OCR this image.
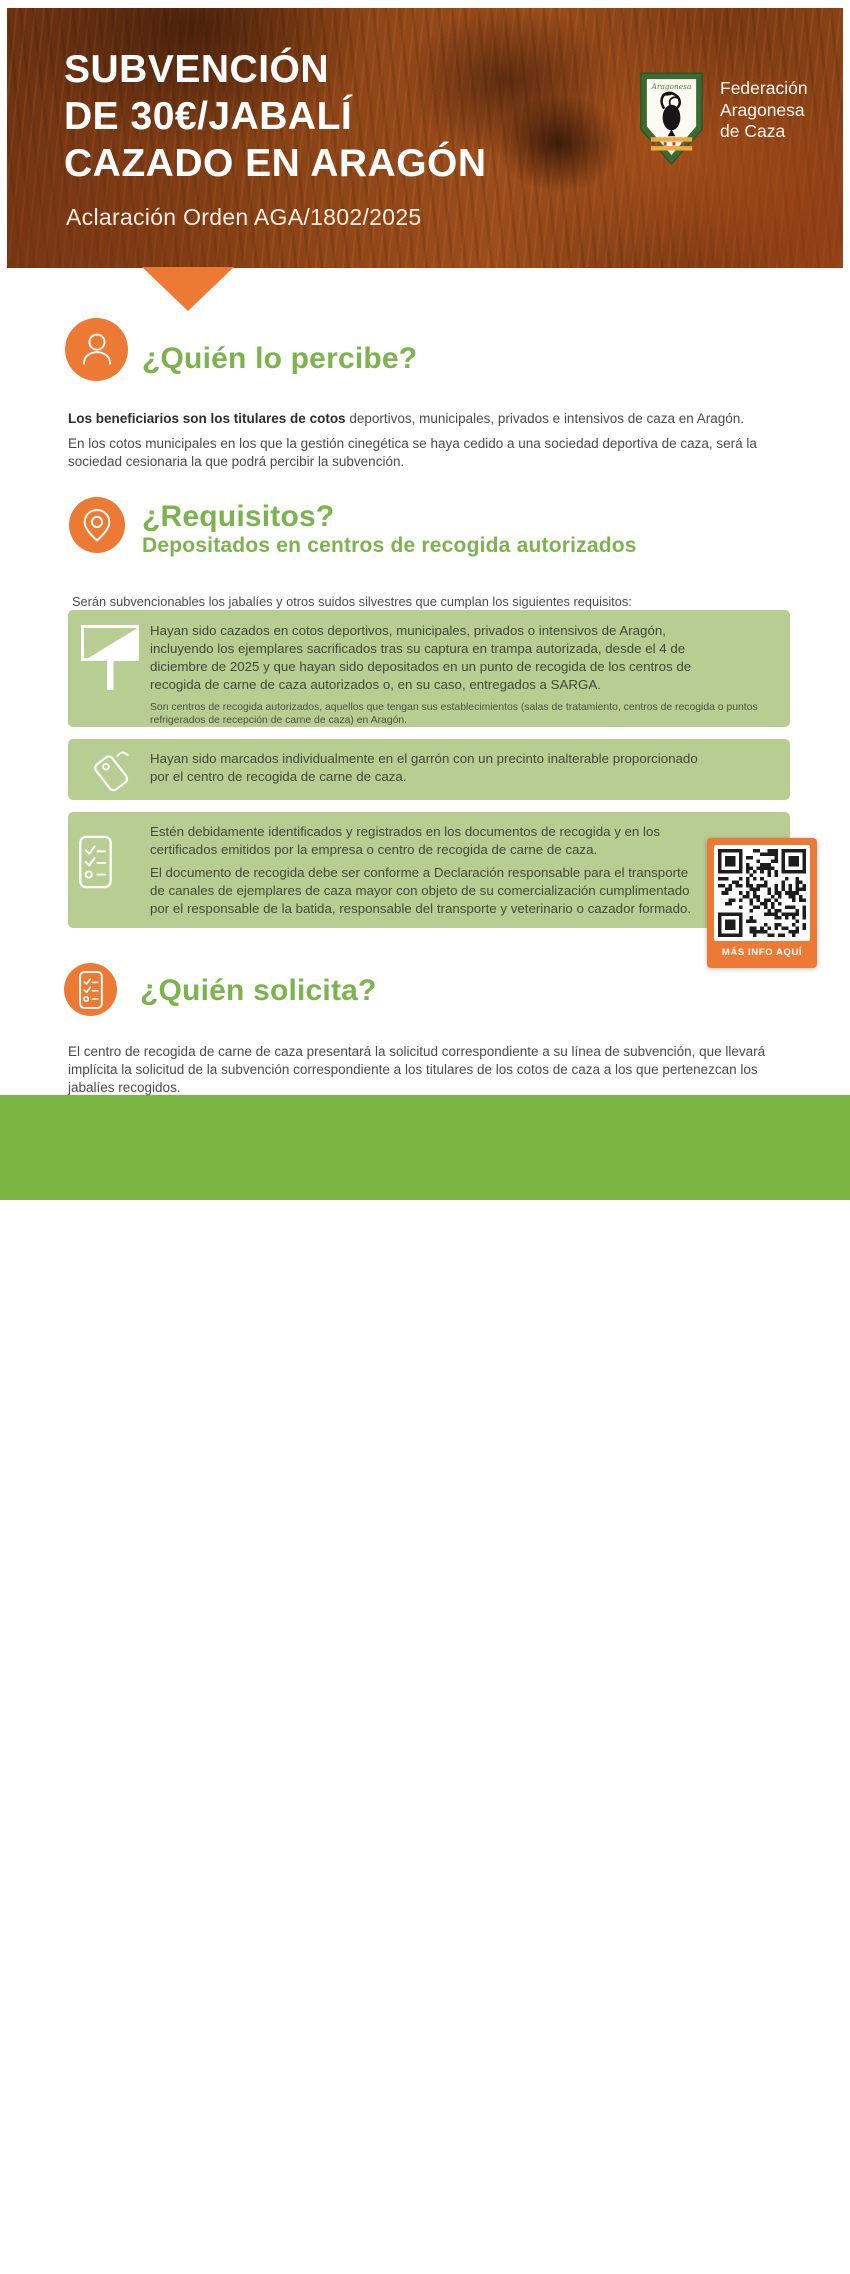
SUBVENCIÓN
DE 30€/JABALÍ
CAZADO EN ARAGÓN
Aclaración Orden AGA/1802/2025
Aragonesa Federación
Aragonesa
de Caza
¿Quién lo percibe?

Los beneficiarios son los titulares de cotos deportivos, municipales, privados e intensivos de caza en Aragón.

En los cotos municipales en los que la gestión cinegética se haya cedido a una sociedad deportiva de caza, será la sociedad cesionaria la que podrá percibir la subvención.

¿Requisitos?
Depositados en centros de recogida autorizados

Serán subvencionables los jabalíes y otros suidos silvestres que cumplan los siguientes requisitos:

Hayan sido cazados en cotos deportivos, municipales, privados o intensivos de Aragón, incluyendo los ejemplares sacrificados tras su captura en trampa autorizada, desde el 4 de diciembre de 2025 y que hayan sido depositados en un punto de recogida de los centros de recogida de carne de caza autorizados o, en su caso, entregados a SARGA.
Son centros de recogida autorizados, aquellos que tengan sus establecimientos (salas de tratamiento, centros de recogida o puntos refrigerados de recepción de carne de caza) en Aragón.
Hayan sido marcados individualmente en el garrón con un precinto inalterable proporcionado por el centro de recogida de carne de caza.
Estén debidamente identificados y registrados en los documentos de recogida y en los certificados emitidos por la empresa o centro de recogida de carne de caza.
El documento de recogida debe ser conforme a Declaración responsable para el transporte de canales de ejemplares de caza mayor con objeto de su comercialización cumplimentado por el responsable de la batida, responsable del transporte y veterinario o cazador formado.
MÁS INFO AQUÍ
¿Quién solicita?

El centro de recogida de carne de caza presentará la solicitud correspondiente a su línea de subvención, que llevará implícita la solicitud de la subvención correspondiente a los titulares de los cotos de caza a los que pertenezcan los jabalíes recogidos.

!	No serán subvencionables aquellos jabalíes
destinados al autoconsumo ni los abandonados.
